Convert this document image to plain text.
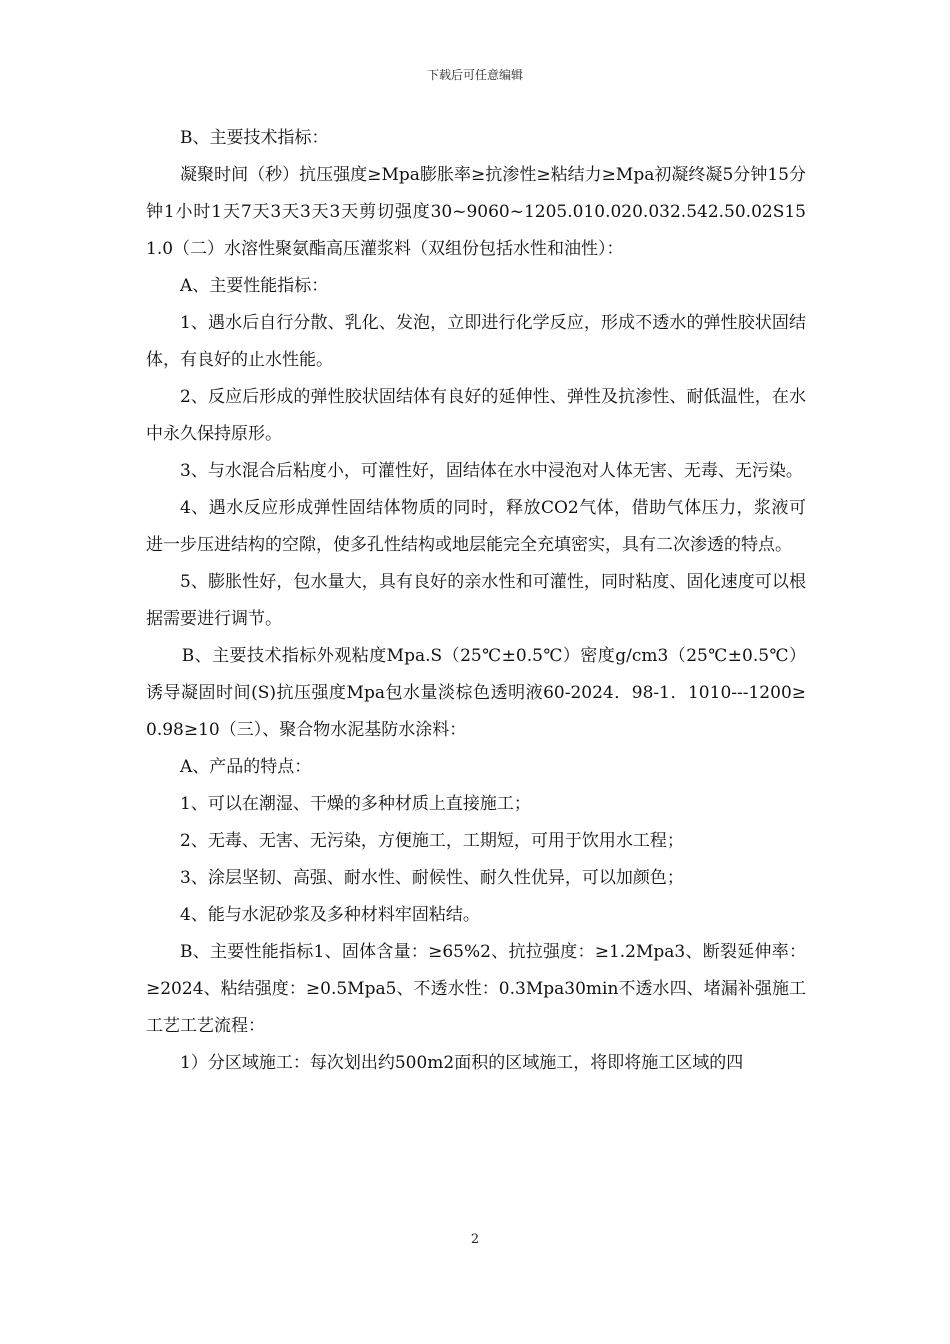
下载后可任意编辑

B、主要技术指标：

凝聚时间（秒）抗压强度≥Mpa膨胀率≥抗渗性≥粘结力≥Mpa初凝终凝5分钟15分钟1小时1天7天3天3天3天剪切强度30~9060~1205.010.020.032.542.50.02S151.0（二）水溶性聚氨酯高压灌浆料（双组份包括水性和油性）：

A、主要性能指标：

1、遇水后自行分散、乳化、发泡，立即进行化学反应，形成不透水的弹性胶状固结体，有良好的止水性能。

2、反应后形成的弹性胶状固结体有良好的延伸性、弹性及抗渗性、耐低温性，在水中永久保持原形。

3、与水混合后粘度小，可灌性好，固结体在水中浸泡对人体无害、无毒、无污染。

4、遇水反应形成弹性固结体物质的同时，释放CO2气体，借助气体压力，浆液可进一步压进结构的空隙，使多孔性结构或地层能完全充填密实，具有二次渗透的特点。

5、膨胀性好，包水量大，具有良好的亲水性和可灌性，同时粘度、固化速度可以根据需要进行调节。

B、主要技术指标外观粘度Mpa.S（25℃±0.5℃）密度g/cm3（25℃±0.5℃）诱导凝固时间(S)抗压强度Mpa包水量淡棕色透明液60-2024．98-1．1010---1200≥0.98≥10（三）、聚合物水泥基防水涂料：

A、产品的特点：

1、可以在潮湿、干燥的多种材质上直接施工；

2、无毒、无害、无污染，方便施工，工期短，可用于饮用水工程；

3、涂层坚韧、高强、耐水性、耐候性、耐久性优异，可以加颜色；

4、能与水泥砂浆及多种材料牢固粘结。

B、主要性能指标1、固体含量：≥65%2、抗拉强度：≥1.2Mpa3、断裂延伸率：≥2024、粘结强度：≥0.5Mpa5、不透水性：0.3Mpa30min不透水四、堵漏补强施工工艺工艺流程：

1）分区域施工：每次划出约500m2面积的区域施工，将即将施工区域的四

2
